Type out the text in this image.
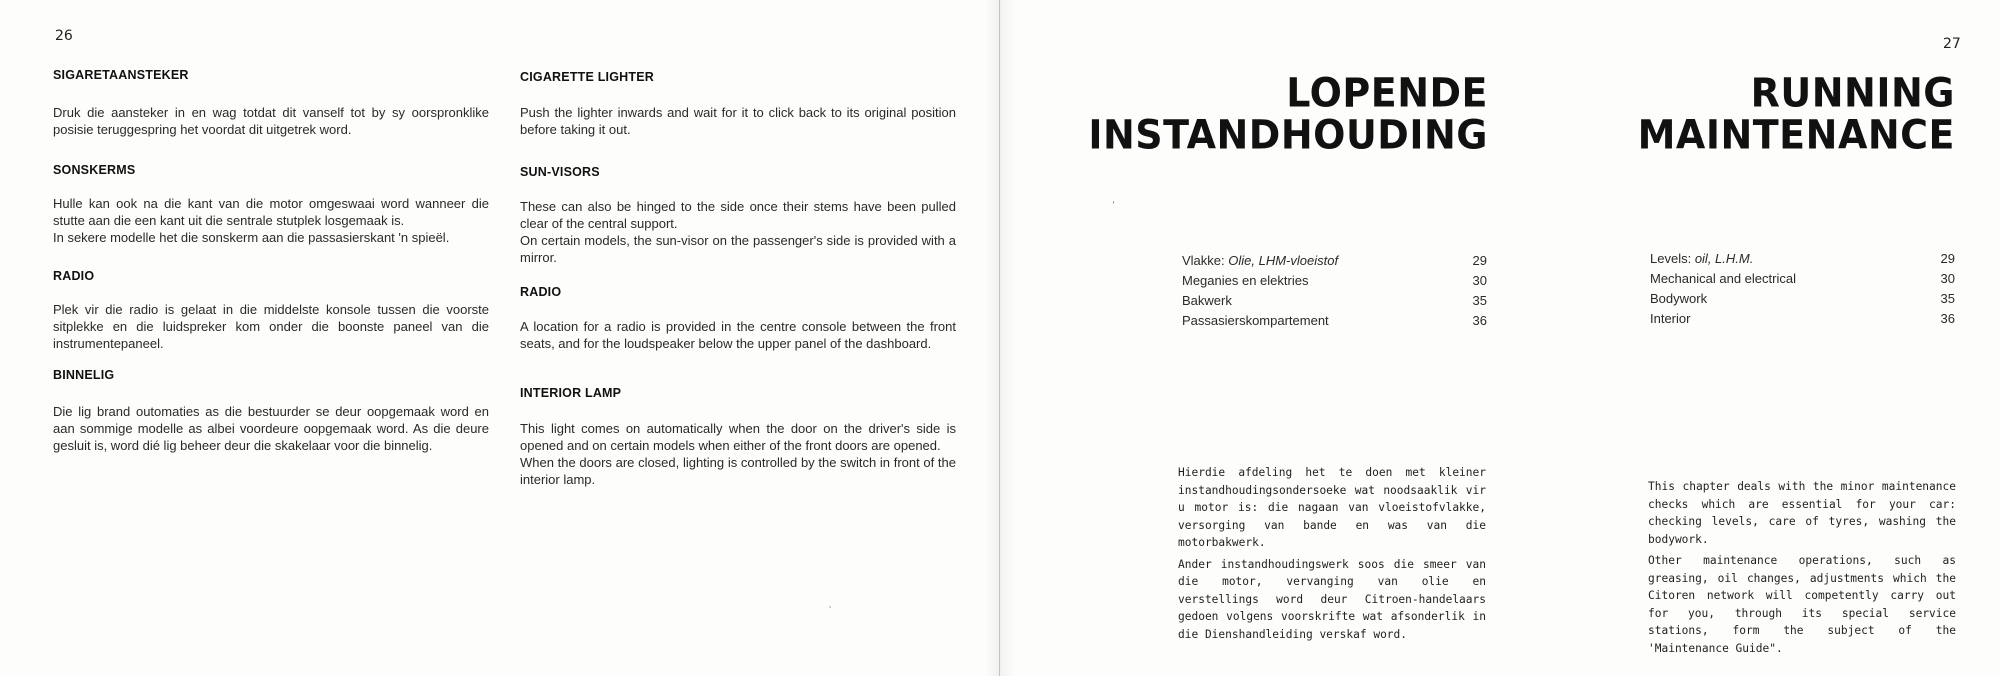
26

SIGARETAANSTEKER

Druk die aansteker in en wag totdat dit vanself tot by sy oorspronklike posisie teruggespring het voordat dit uitgetrek word.

SONSKERMS

Hulle kan ook na die kant van die motor omgeswaai word wanneer die stutte aan die een kant uit die sentrale stutplek losgemaak is.

In sekere modelle het die sonskerm aan die passasierskant 'n spieël.

RADIO

Plek vir die radio is gelaat in die middelste konsole tussen die voorste sitplekke en die luidspreker kom onder die boonste paneel van die instrumentepaneel.

BINNELIG

Die lig brand outomaties as die bestuurder se deur oopgemaak word en aan sommige modelle as albei voordeure oopgemaak word. As die deure gesluit is, word dié lig beheer deur die skakelaar voor die binnelig.

CIGARETTE LIGHTER

Push the lighter inwards and wait for it to click back to its original position before taking it out.

SUN-VISORS

These can also be hinged to the side once their stems have been pulled clear of the central support.

On certain models, the sun-visor on the passenger's side is provided with a mirror.

RADIO

A location for a radio is provided in the centre console between the front seats, and for the loudspeaker below the upper panel of the dashboard.

INTERIOR LAMP

This light comes on automatically when the door on the driver's side is opened and on certain models when either of the front doors are opened.

When the doors are closed, lighting is controlled by the switch in front of the interior lamp.

`
27
LOPENDE
INSTANDHOUDING
RUNNING
MAINTENANCE
Vlakke: Olie, LHM-vloeistof	29
Meganies en elektries	30
Bakwerk	35
Passasierskompartement	36
Levels: oil, L.H.M.	29
Mechanical and electrical	30
Bodywork	35
Interior	36

Hierdie afdeling het te doen met kleiner instandhoudingsondersoeke wat noodsaaklik vir u motor is: die nagaan van vloeistofvlakke, versorging van bande en was van die motorbakwerk.

Ander instandhoudingswerk soos die smeer van die motor, vervanging van olie en verstellings word deur Citroen-handelaars gedoen volgens voorskrifte wat afsonderlik in die Dienshandleiding verskaf word.

This chapter deals with the minor maintenance checks which are essential for your car: checking levels, care of tyres, washing the bodywork.

Other maintenance operations, such as greasing, oil changes, adjustments which the Citoren network will competently carry out for you, through its special service stations, form the subject of the 'Maintenance Guide".

‘
